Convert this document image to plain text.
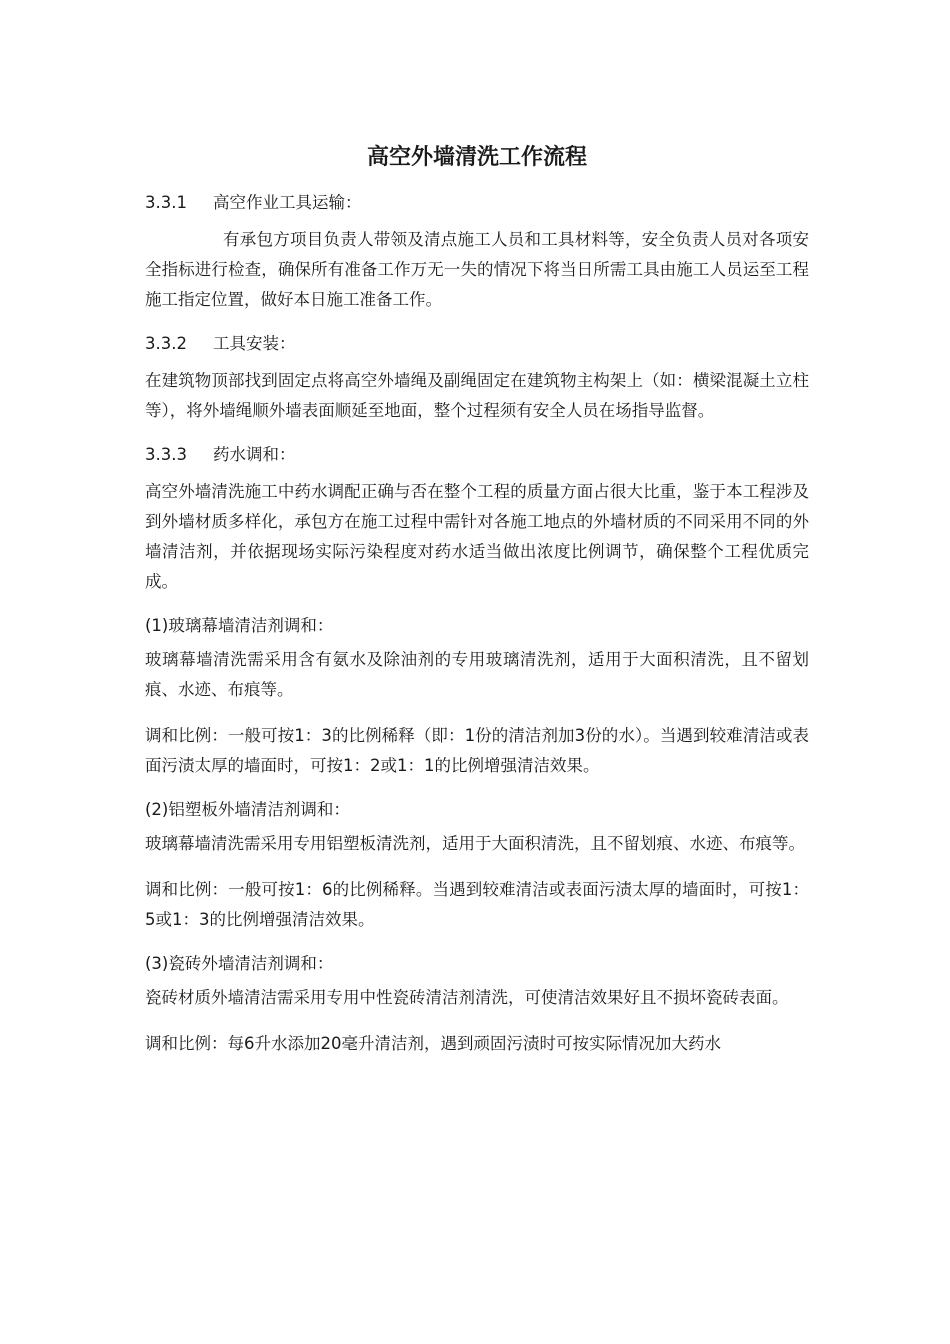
高空外墙清洗工作流程
3.3.1 高空作业工具运输：

有承包方项目负责人带领及清点施工人员和工具材料等，安全负责人员对各项安全指标进行检查，确保所有准备工作万无一失的情况下将当日所需工具由施工人员运至工程施工指定位置，做好本日施工准备工作。

3.3.2 工具安装：

在建筑物顶部找到固定点将高空外墙绳及副绳固定在建筑物主构架上（如：横梁混凝土立柱等），将外墙绳顺外墙表面顺延至地面，整个过程须有安全人员在场指导监督。

3.3.3 药水调和：

高空外墙清洗施工中药水调配正确与否在整个工程的质量方面占很大比重，鉴于本工程涉及到外墙材质多样化，承包方在施工过程中需针对各施工地点的外墙材质的不同采用不同的外墙清洁剂，并依据现场实际污染程度对药水适当做出浓度比例调节，确保整个工程优质完成。

(1)玻璃幕墙清洁剂调和：

玻璃幕墙清洗需采用含有氨水及除油剂的专用玻璃清洗剂，适用于大面积清洗，且不留划痕、水迹、布痕等。

调和比例：一般可按1：3的比例稀释（即：1份的清洁剂加3份的水）。当遇到较难清洁或表面污渍太厚的墙面时，可按1：2或1：1的比例增强清洁效果。

(2)铝塑板外墙清洁剂调和：

玻璃幕墙清洗需采用专用铝塑板清洗剂，适用于大面积清洗，且不留划痕、水迹、布痕等。

调和比例：一般可按1：6的比例稀释。当遇到较难清洁或表面污渍太厚的墙面时，可按1：5或1：3的比例增强清洁效果。

(3)瓷砖外墙清洁剂调和：

瓷砖材质外墙清洁需采用专用中性瓷砖清洁剂清洗，可使清洁效果好且不损坏瓷砖表面。

调和比例：每6升水添加20毫升清洁剂，遇到顽固污渍时可按实际情况加大药水
